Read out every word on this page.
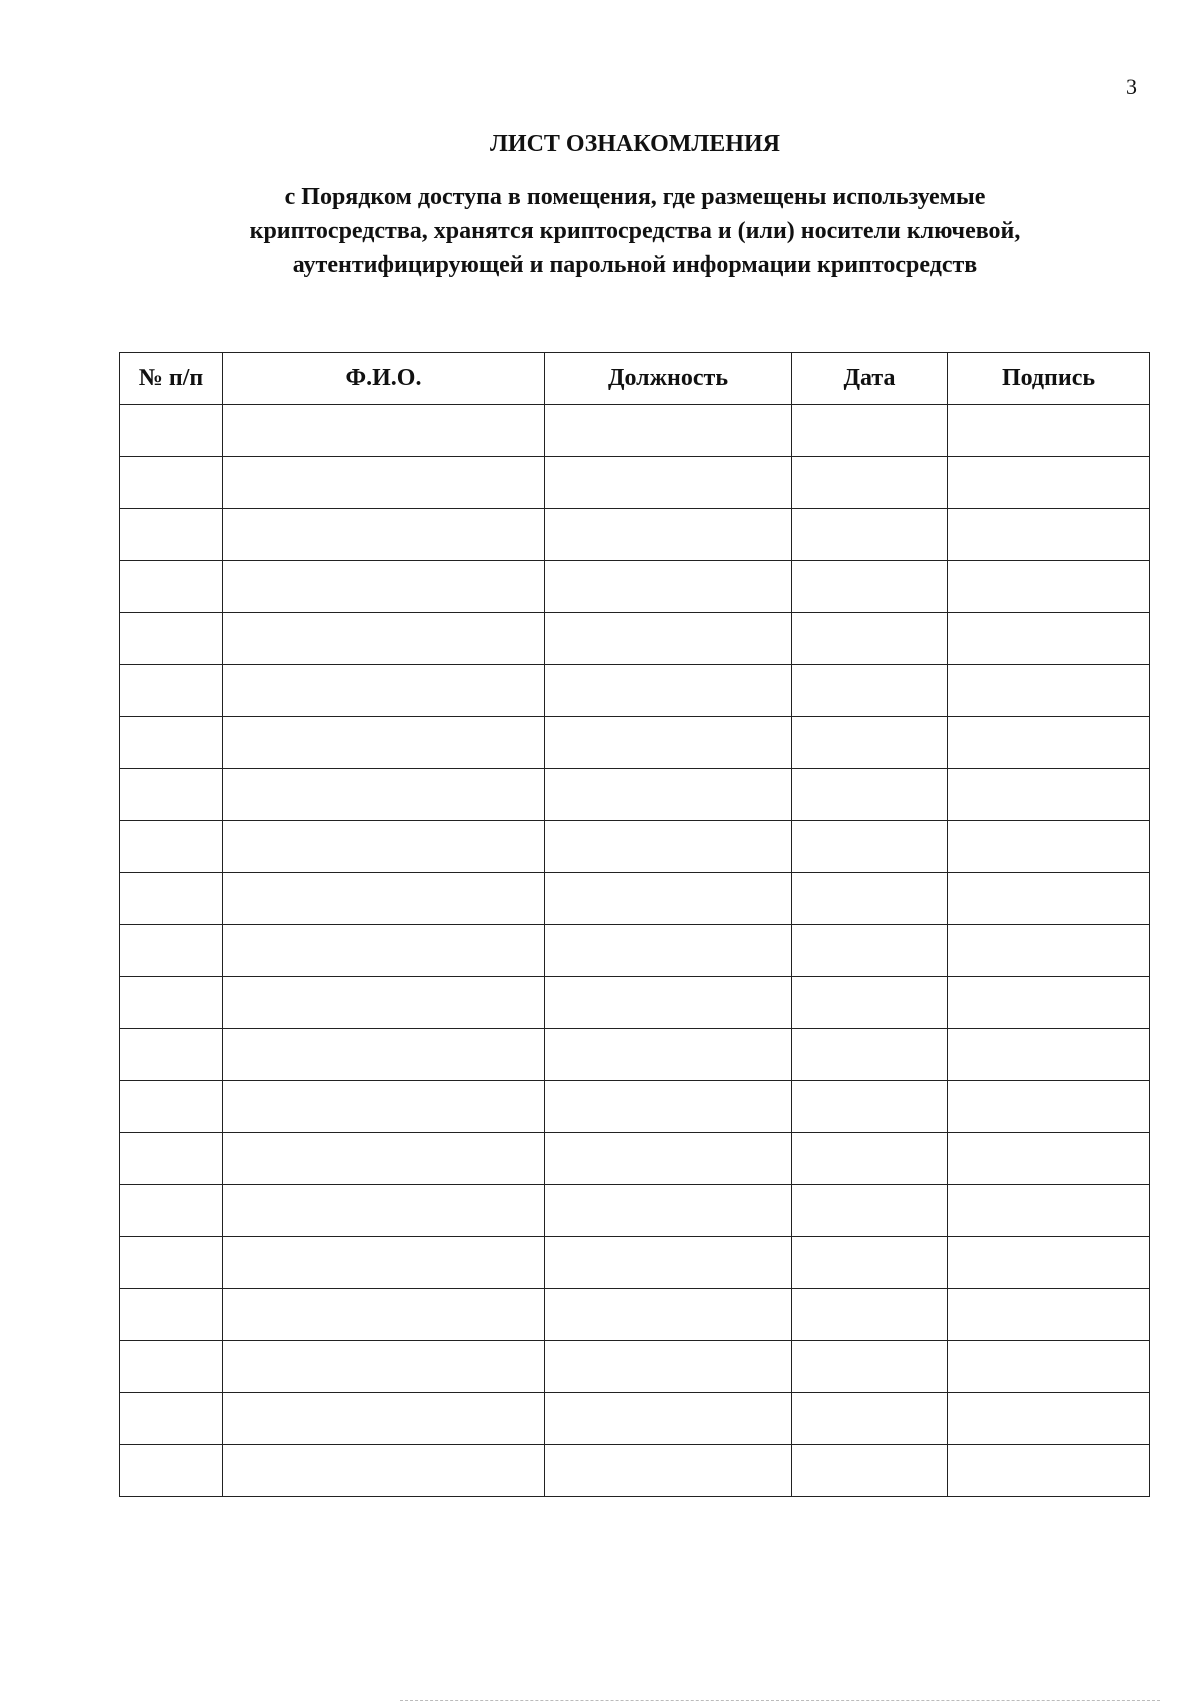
3
ЛИСТ ОЗНАКОМЛЕНИЯ
с Порядком доступа в помещения, где размещены используемые
криптосредства, хранятся криптосредства и (или) носители ключевой,
аутентифицирующей и парольной информации криптосредств
№ п/п	Ф.И.О.	Должность	Дата	Подпись
